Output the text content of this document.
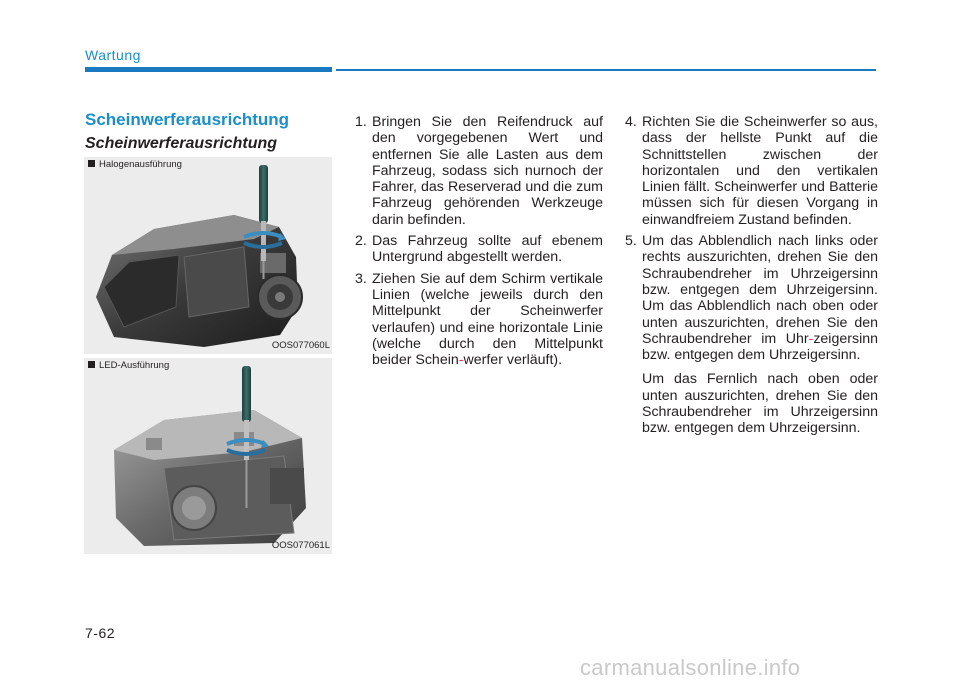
Wartung
Scheinwerferausrichtung
Scheinwerferausrichtung
Halogenausführung
OOS077060L
LED-Ausführung
OOS077061L
1. Bringen Sie den Reifendruck auf den vorgegebenen Wert und entfernen Sie alle Lasten aus dem Fahrzeug, sodass sich nurnoch der Fahrer, das Reserverad und die zum Fahrzeug gehörenden Werkzeuge darin befinden.
2. Das Fahrzeug sollte auf ebenem Untergrund abgestellt werden.
3. Ziehen Sie auf dem Schirm vertikale Linien (welche jeweils durch den Mittelpunkt der Scheinwerfer verlaufen) und eine horizontale Linie (welche durch den Mittelpunkt beider Schein-werfer verläuft).
4. Richten Sie die Scheinwerfer so aus, dass der hellste Punkt auf die Schnittstellen zwischen der horizontalen und den vertikalen Linien fällt. Scheinwerfer und Batterie müssen sich für diesen Vorgang in einwandfreiem Zustand befinden.
5. Um das Abblendlich nach links oder rechts auszurichten, drehen Sie den Schraubendreher im Uhrzeigersinn bzw. entgegen dem Uhrzeigersinn. Um das Abblendlich nach oben oder unten auszurichten, drehen Sie den Schraubendreher im Uhr-zeigersinn bzw. entgegen dem Uhrzeigersinn.
Um das Fernlich nach oben oder unten auszurichten, drehen Sie den Schraubendreher im Uhrzeigersinn bzw. entgegen dem Uhrzeigersinn.
7-62
carmanualsonline.info
